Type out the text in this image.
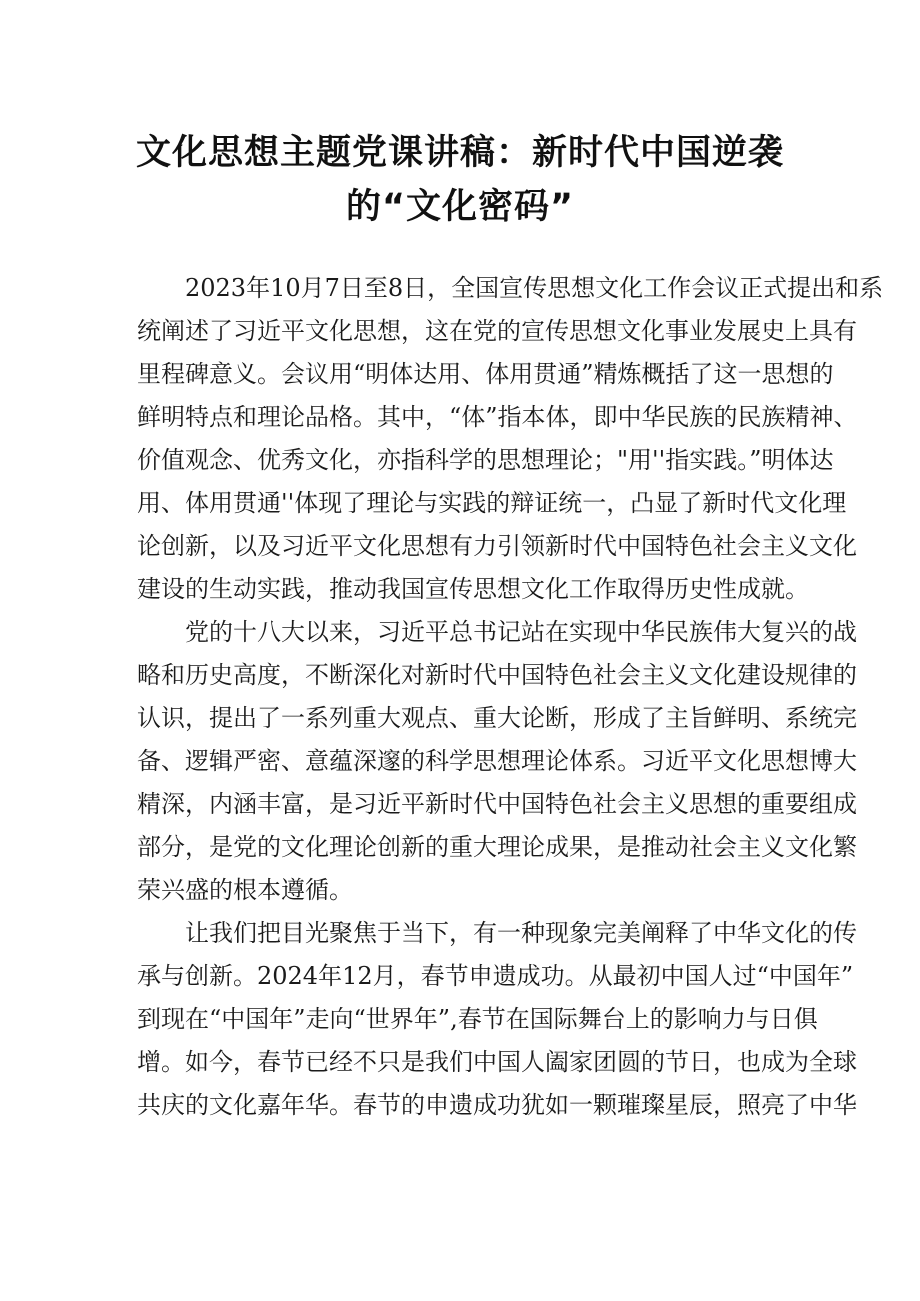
文化思想主题党课讲稿：新时代中国逆袭
的“文化密码”
2023年10月7日至8日，全国宣传思想文化工作会议正式提出和系
统阐述了习近平文化思想，这在党的宣传思想文化事业发展史上具有
里程碑意义。会议用“明体达用、体用贯通”精炼概括了这一思想的
鲜明特点和理论品格。其中，“体”指本体，即中华民族的民族精神、
价值观念、优秀文化，亦指科学的思想理论；"用''指实践。”明体达
用、体用贯通''体现了理论与实践的辩证统一，凸显了新时代文化理
论创新，以及习近平文化思想有力引领新时代中国特色社会主义文化
建设的生动实践，推动我国宣传思想文化工作取得历史性成就。
党的十八大以来，习近平总书记站在实现中华民族伟大复兴的战
略和历史高度，不断深化对新时代中国特色社会主义文化建设规律的
认识，提出了一系列重大观点、重大论断，形成了主旨鲜明、系统完
备、逻辑严密、意蕴深邃的科学思想理论体系。习近平文化思想博大
精深，内涵丰富，是习近平新时代中国特色社会主义思想的重要组成
部分，是党的文化理论创新的重大理论成果，是推动社会主义文化繁
荣兴盛的根本遵循。
让我们把目光聚焦于当下，有一种现象完美阐释了中华文化的传
承与创新。2024年12月，春节申遗成功。从最初中国人过“中国年”
到现在“中国年”走向“世界年”,春节在国际舞台上的影响力与日俱
增。如今，春节已经不只是我们中国人阖家团圆的节日，也成为全球
共庆的文化嘉年华。春节的申遗成功犹如一颗璀璨星辰，照亮了中华
